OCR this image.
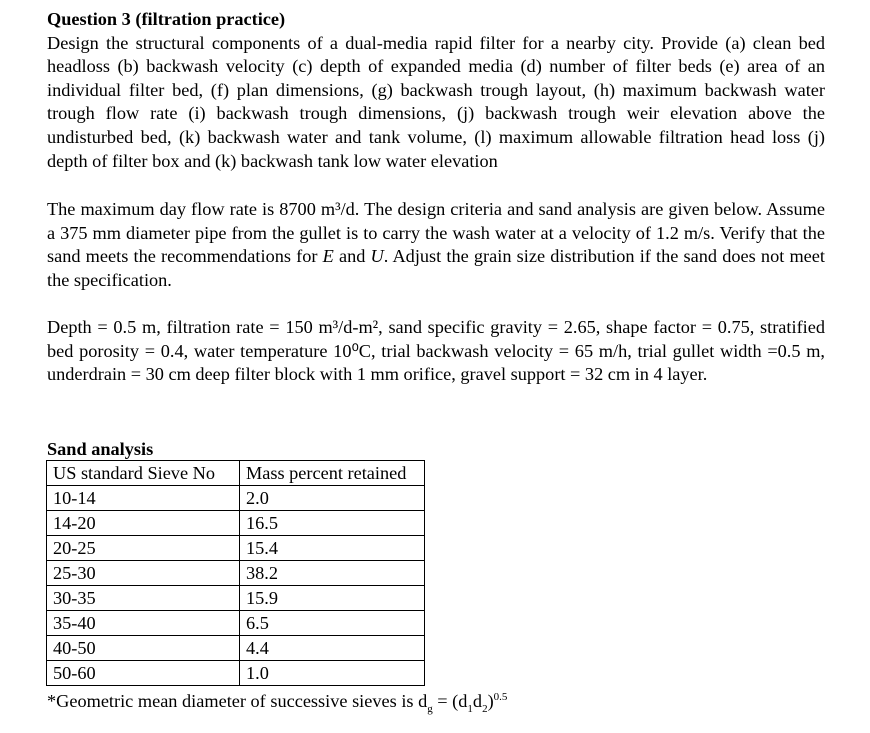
Question 3 (filtration practice)
Design the structural components of a dual-media rapid filter for a nearby city. Provide (a) clean bed headloss (b) backwash velocity (c) depth of expanded media (d) number of filter beds (e) area of an individual filter bed, (f) plan dimensions, (g) backwash trough layout, (h) maximum backwash water trough flow rate (i) backwash trough dimensions, (j) backwash trough weir elevation above the undisturbed bed, (k) backwash water and tank volume, (l) maximum allowable filtration head loss (j) depth of filter box and (k) backwash tank low water elevation
The maximum day flow rate is 8700 m³/d. The design criteria and sand analysis are given below. Assume a 375 mm diameter pipe from the gullet is to carry the wash water at a velocity of 1.2 m/s. Verify that the sand meets the recommendations for E and U. Adjust the grain size distribution if the sand does not meet the specification.
Depth = 0.5 m, filtration rate = 150 m³/d-m², sand specific gravity = 2.65, shape factor = 0.75, stratified bed porosity = 0.4, water temperature 10⁰C, trial backwash velocity = 65 m/h, trial gullet width =0.5 m, underdrain = 30 cm deep filter block with 1 mm orifice, gravel support = 32 cm in 4 layer.
Sand analysis
US standard Sieve No	Mass percent retained
10-14	2.0
14-20	16.5
20-25	15.4
25-30	38.2
30-35	15.9
35-40	6.5
40-50	4.4
50-60	1.0
*Geometric mean diameter of successive sieves is $d_g = (d_1d_2)^{0.5}$
